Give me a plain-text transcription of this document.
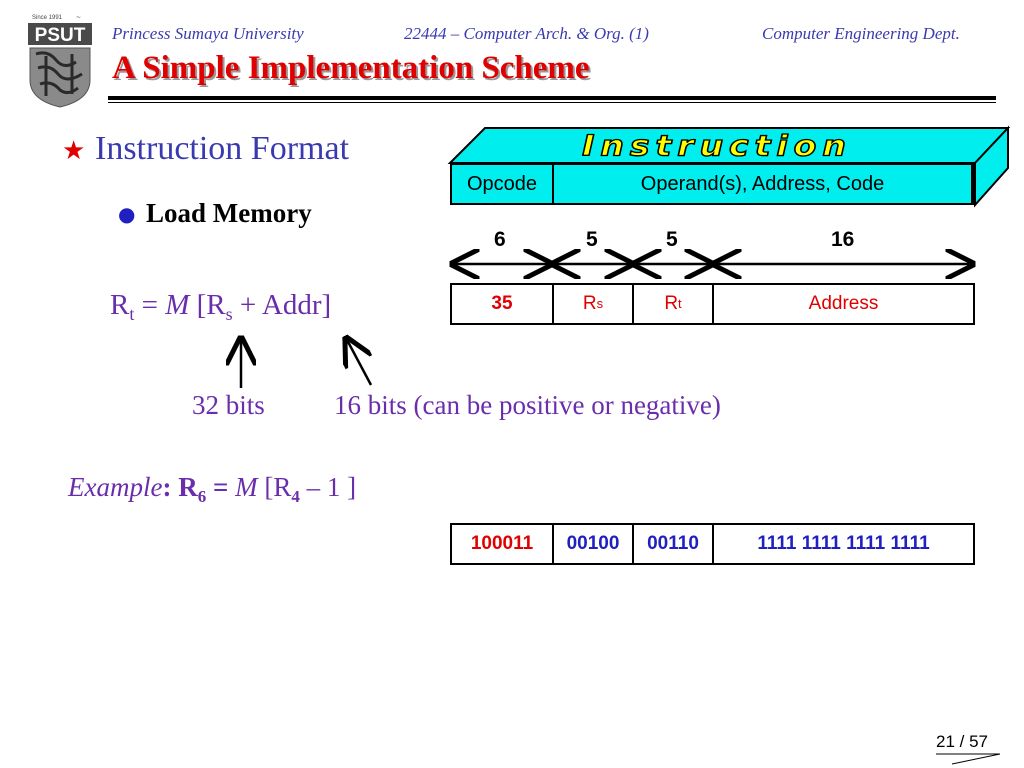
Since 1991 ~
PSUT Princess Sumaya University	22444 – Computer Arch. & Org. (1)	Computer Engineering Dept.
A Simple Implementation Scheme
★ Instruction Format
● Load Memory
Instruction
Opcode	Operand(s), Address, Code
6	5	5	16
35	R s	R t	Address
$R_t = M$ [$R_s$ + Addr]
32 bits	16 bits (can be positive or negative)
Example: $R_6 = M$ [$R_4 - 1$ ]
100011	00100	00110	1111 1111 1111 1111
21 / 57
